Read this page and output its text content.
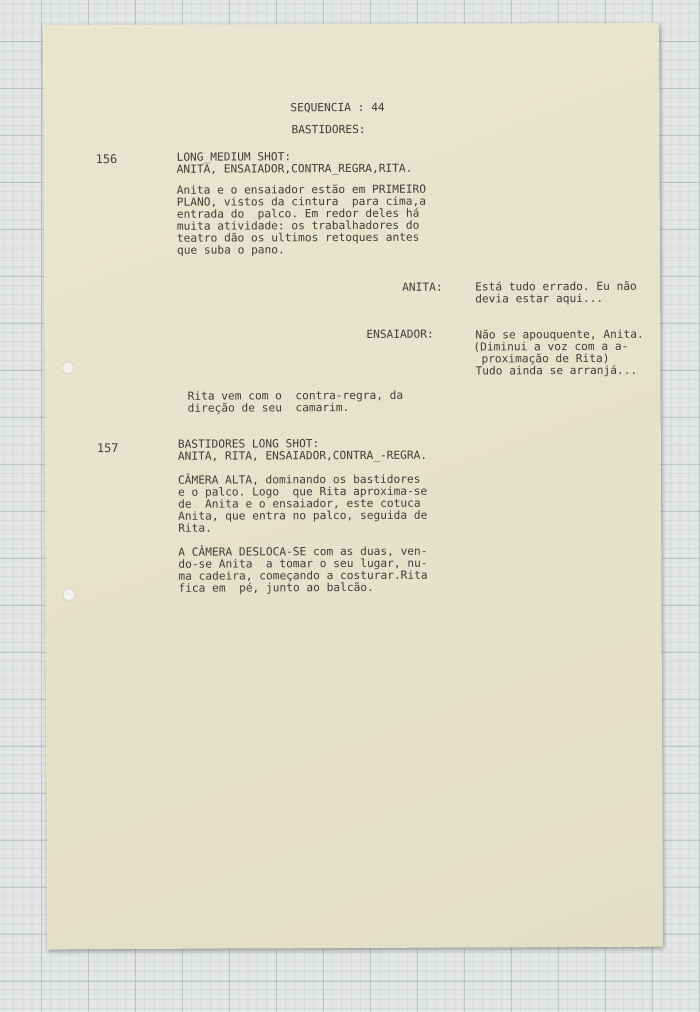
SEQUENCIA : 44
BASTIDORES:
156	LONG_MEDIUM SHOT:
ANITA, ENSAIADOR,CONTRA_REGRA,RITA.
Anita e o ensaiador estão em PRIMEIRO
PLANO, vistos da cintura  para cima,a
entrada do  palco. Em redor deles há
muita atividade: os trabalhadores do
teatro dão os ultimos retoques antes
que suba o pano.
ANITA:	Está tudo errado. Eu não
devia estar aqui...
ENSAIADOR:	Não se apouquente, Anita.
(Diminui a voz com a a-
proximação de Rita)
Tudo ainda se arranjá...
Rita vem com o  contra-regra, da
direção de seu  camarim.
157	BASTIDORES LONG SHOT:
ANITA, RITA, ENSAIADOR,CONTRA_-REGRA.
CÂMERA ALTA, dominando os bastidores
e o palco. Logo  que Rita aproxima-se
de  Anita e o ensaiador, este cotuca
Anita, que entra no palco, seguida de
Rita.
A CÂMERA DESLOCA-SE com as duas, ven-
do-se Anita  a tomar o seu lugar, nu-
ma cadeira, começando a costurar.Rita
fica em  pé, junto ao balcão.
